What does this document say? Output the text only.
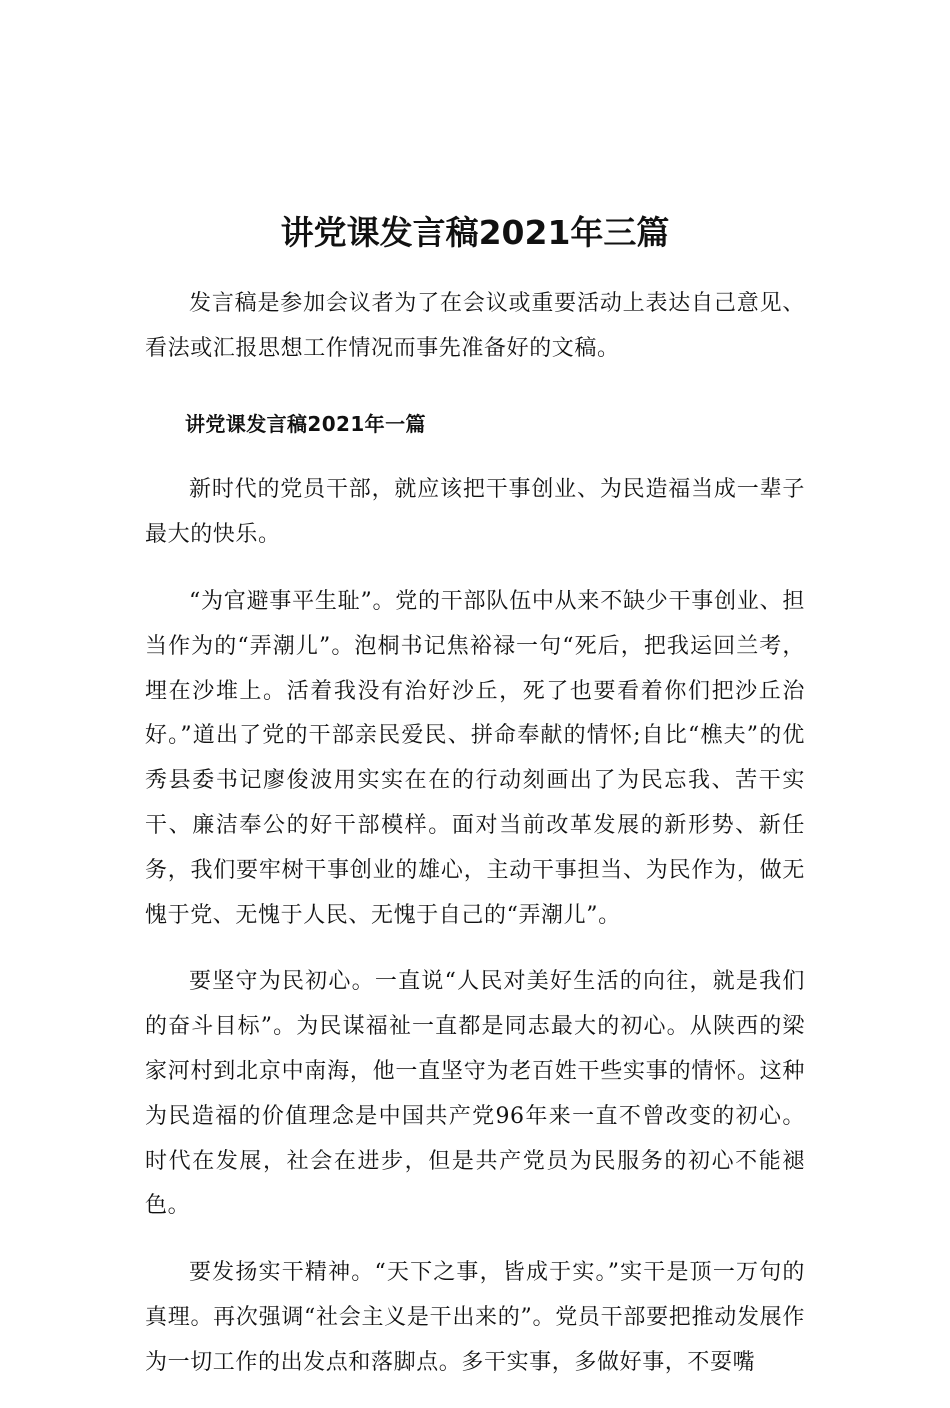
讲党课发言稿2021年三篇

发言稿是参加会议者为了在会议或重要活动上表达自己意见、看法或汇报思想工作情况而事先准备好的文稿。

讲党课发言稿2021年一篇

新时代的党员干部，就应该把干事创业、为民造福当成一辈子最大的快乐。

“为官避事平生耻”。党的干部队伍中从来不缺少干事创业、担当作为的“弄潮儿”。泡桐书记焦裕禄一句“死后，把我运回兰考，埋在沙堆上。活着我没有治好沙丘，死了也要看着你们把沙丘治好。”道出了党的干部亲民爱民、拼命奉献的情怀;自比“樵夫”的优秀县委书记廖俊波用实实在在的行动刻画出了为民忘我、苦干实干、廉洁奉公的好干部模样。面对当前改革发展的新形势、新任务，我们要牢树干事创业的雄心，主动干事担当、为民作为，做无愧于党、无愧于人民、无愧于自己的“弄潮儿”。

要坚守为民初心。一直说“人民对美好生活的向往，就是我们的奋斗目标”。为民谋福祉一直都是同志最大的初心。从陕西的梁家河村到北京中南海，他一直坚守为老百姓干些实事的情怀。这种为民造福的价值理念是中国共产党96年来一直不曾改变的初心。时代在发展，社会在进步，但是共产党员为民服务的初心不能褪色。

要发扬实干精神。“天下之事，皆成于实。”实干是顶一万句的真理。再次强调“社会主义是干出来的”。党员干部要把推动发展作为一切工作的出发点和落脚点。多干实事，多做好事，不耍嘴
